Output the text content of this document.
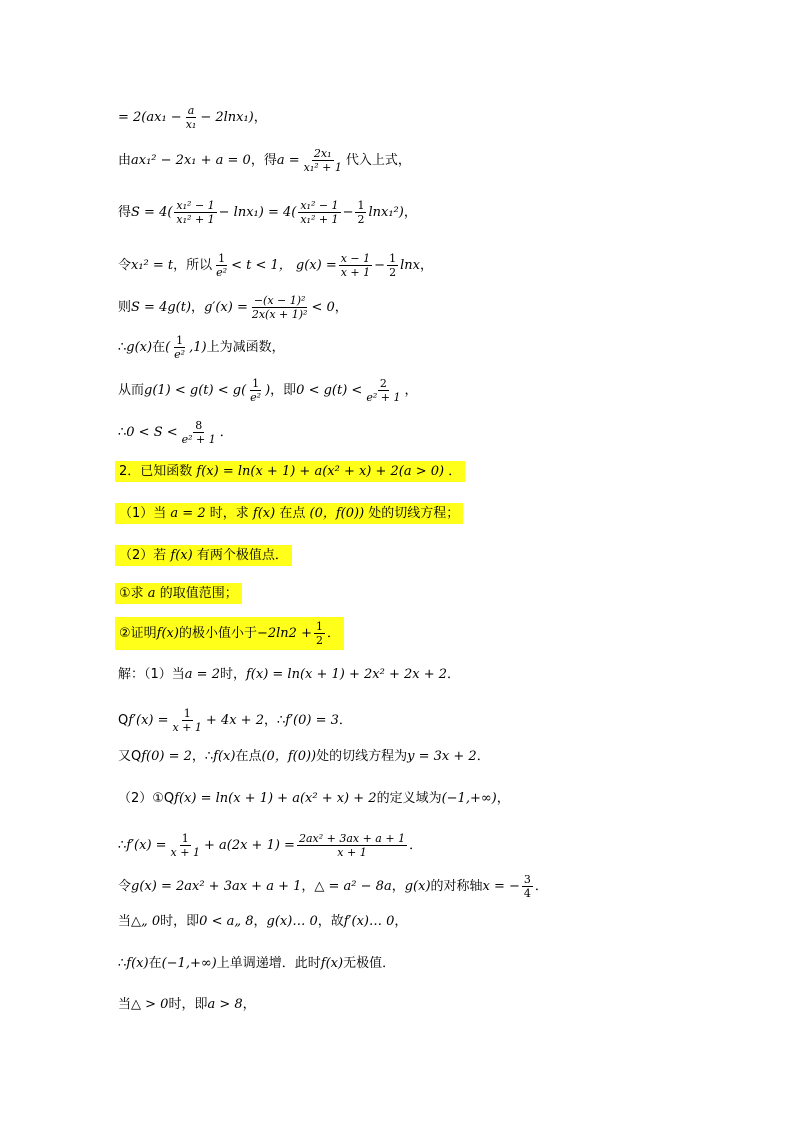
= $2(ax_1 - \frac{a}{\text{x₁}} - 2\ln x_1)$ ，
由 ax₁² − 2x₁ + a = 0 ，得 $a = \frac{\text{2x₁}}{\text{x₁² + 1}}$ 代入上式，
得 $S = 4( \frac{\text{x₁² − 1}}{\text{x₁² + 1}} - \ln x_1) = 4( \frac{\text{x₁² − 1}}{\text{x₁² + 1}} - \frac{1}{2} \ln x_1^2)$ ，
令 x₁² = t ，所以 $\frac{1}{\text{e²}} < t < 1$， $g(x) = \frac{x - 1}{x + 1} - \frac{1}{2}$ lnx ，
则 S = 4g(t) ， $g'(x) = \frac{\text{−(x − 1)²}}{\text{2x(x + 1)²}} < 0$ ，
∴ g(x) 在 ( $\frac{1}{\text{e²}} ,1$) 上为减函数，
从而 $g(1) < g(t) < g( \frac{1}{\text{e²}}$ ) ，即 $0 < g(t) < \frac{2}{\text{e² + 1}}$ ，
∴ $0 < S < \frac{8}{\text{e² + 1}}$ ．
2．已知函数 f(x) = ln(x + 1) + a(x² + x) + 2(a > 0) ．
（1）当 a = 2 时，求 f(x) 在点 (0，f(0)) 处的切线方程；
（2）若 f(x) 有两个极值点．
①求 a 的取值范围；
②证明 f(x) 的极小值小于 $-2\ln 2 + \frac{1}{2}$ ．
解：（1）当 a = 2 时， f(x) = ln(x + 1) + 2x² + 2x + 2 ．
Q $f'(x) = \frac{1}{x + 1} + 4x + 2$ ，∴ f′(0) = 3 ．
又Q f(0) = 2 ，∴ f(x) 在点 (0，f(0)) 处的切线方程为 y = 3x + 2 ．
（2）①Q f(x) = ln(x + 1) + a(x² + x) + 2 的定义域为 (−1,+∞) ，
∴ $f'(x) = \frac{1}{x + 1} + a(2x + 1) = \frac{\text{2ax² + 3ax + a + 1}}{x + 1}$ ．
令 g(x) = 2ax² + 3ax + a + 1 ， △ = a² − 8a ， g(x) 的对称轴 x = − $\frac{3}{4}$ ．
当 △„ 0 时，即 0 < a„ 8 ， g(x)… 0 ，故 f′(x)… 0 ，
∴ f(x) 在 (−1,+∞) 上单调递增．此时 f(x) 无极值．
当 △ > 0 时，即 a > 8 ，
